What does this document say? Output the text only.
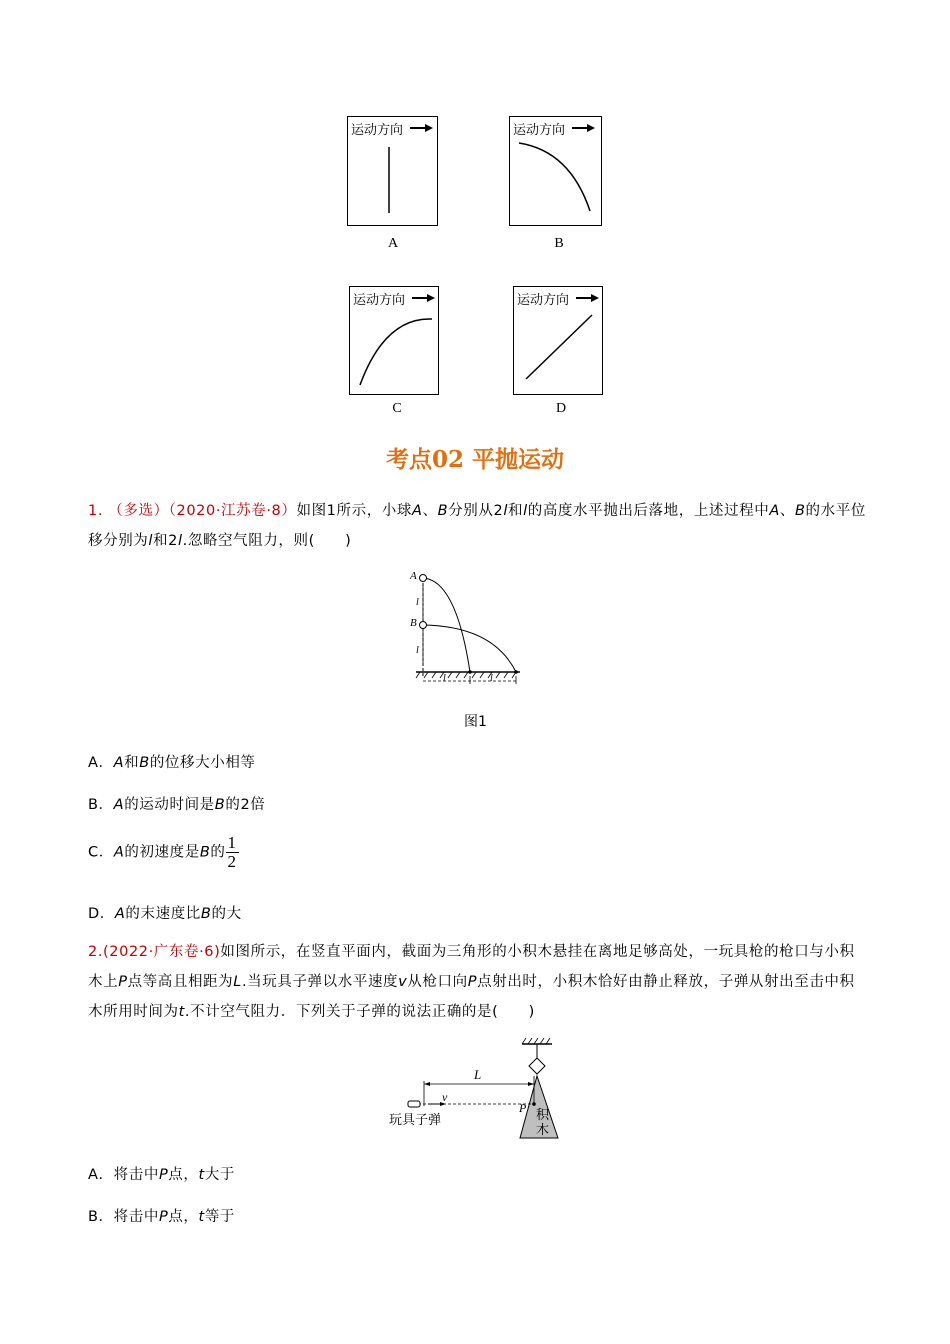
运动方向
A
运动方向
B
运动方向
C
运动方向
D
考点02 平抛运动
1. （多选）（2020·江苏卷·8）如图1所示，小球A、B分别从2l和l的高度水平抛出后落地，上述过程中A、B的水平位移分别为l和2l.忽略空气阻力，则(　　)
A
B
l
l
l	l
图1
A．A和B的位移大小相等
B．A的运动时间是B的2倍
C．A的初速度是B的 $\frac{1}{2}$
D．A的末速度比B的大
2.(2022·广东卷·6)如图所示，在竖直平面内，截面为三角形的小积木悬挂在离地足够高处，一玩具枪的枪口与小积木上P点等高且相距为L.当玩具子弹以水平速度v从枪口向P点射出时，小积木恰好由静止释放，子弹从射出至击中积木所用时间为t.不计空气阻力．下列关于子弹的说法正确的是(　　)
L
v
P
玩具子弹	积
木
A．将击中P点，t大于
B．将击中P点，t等于
